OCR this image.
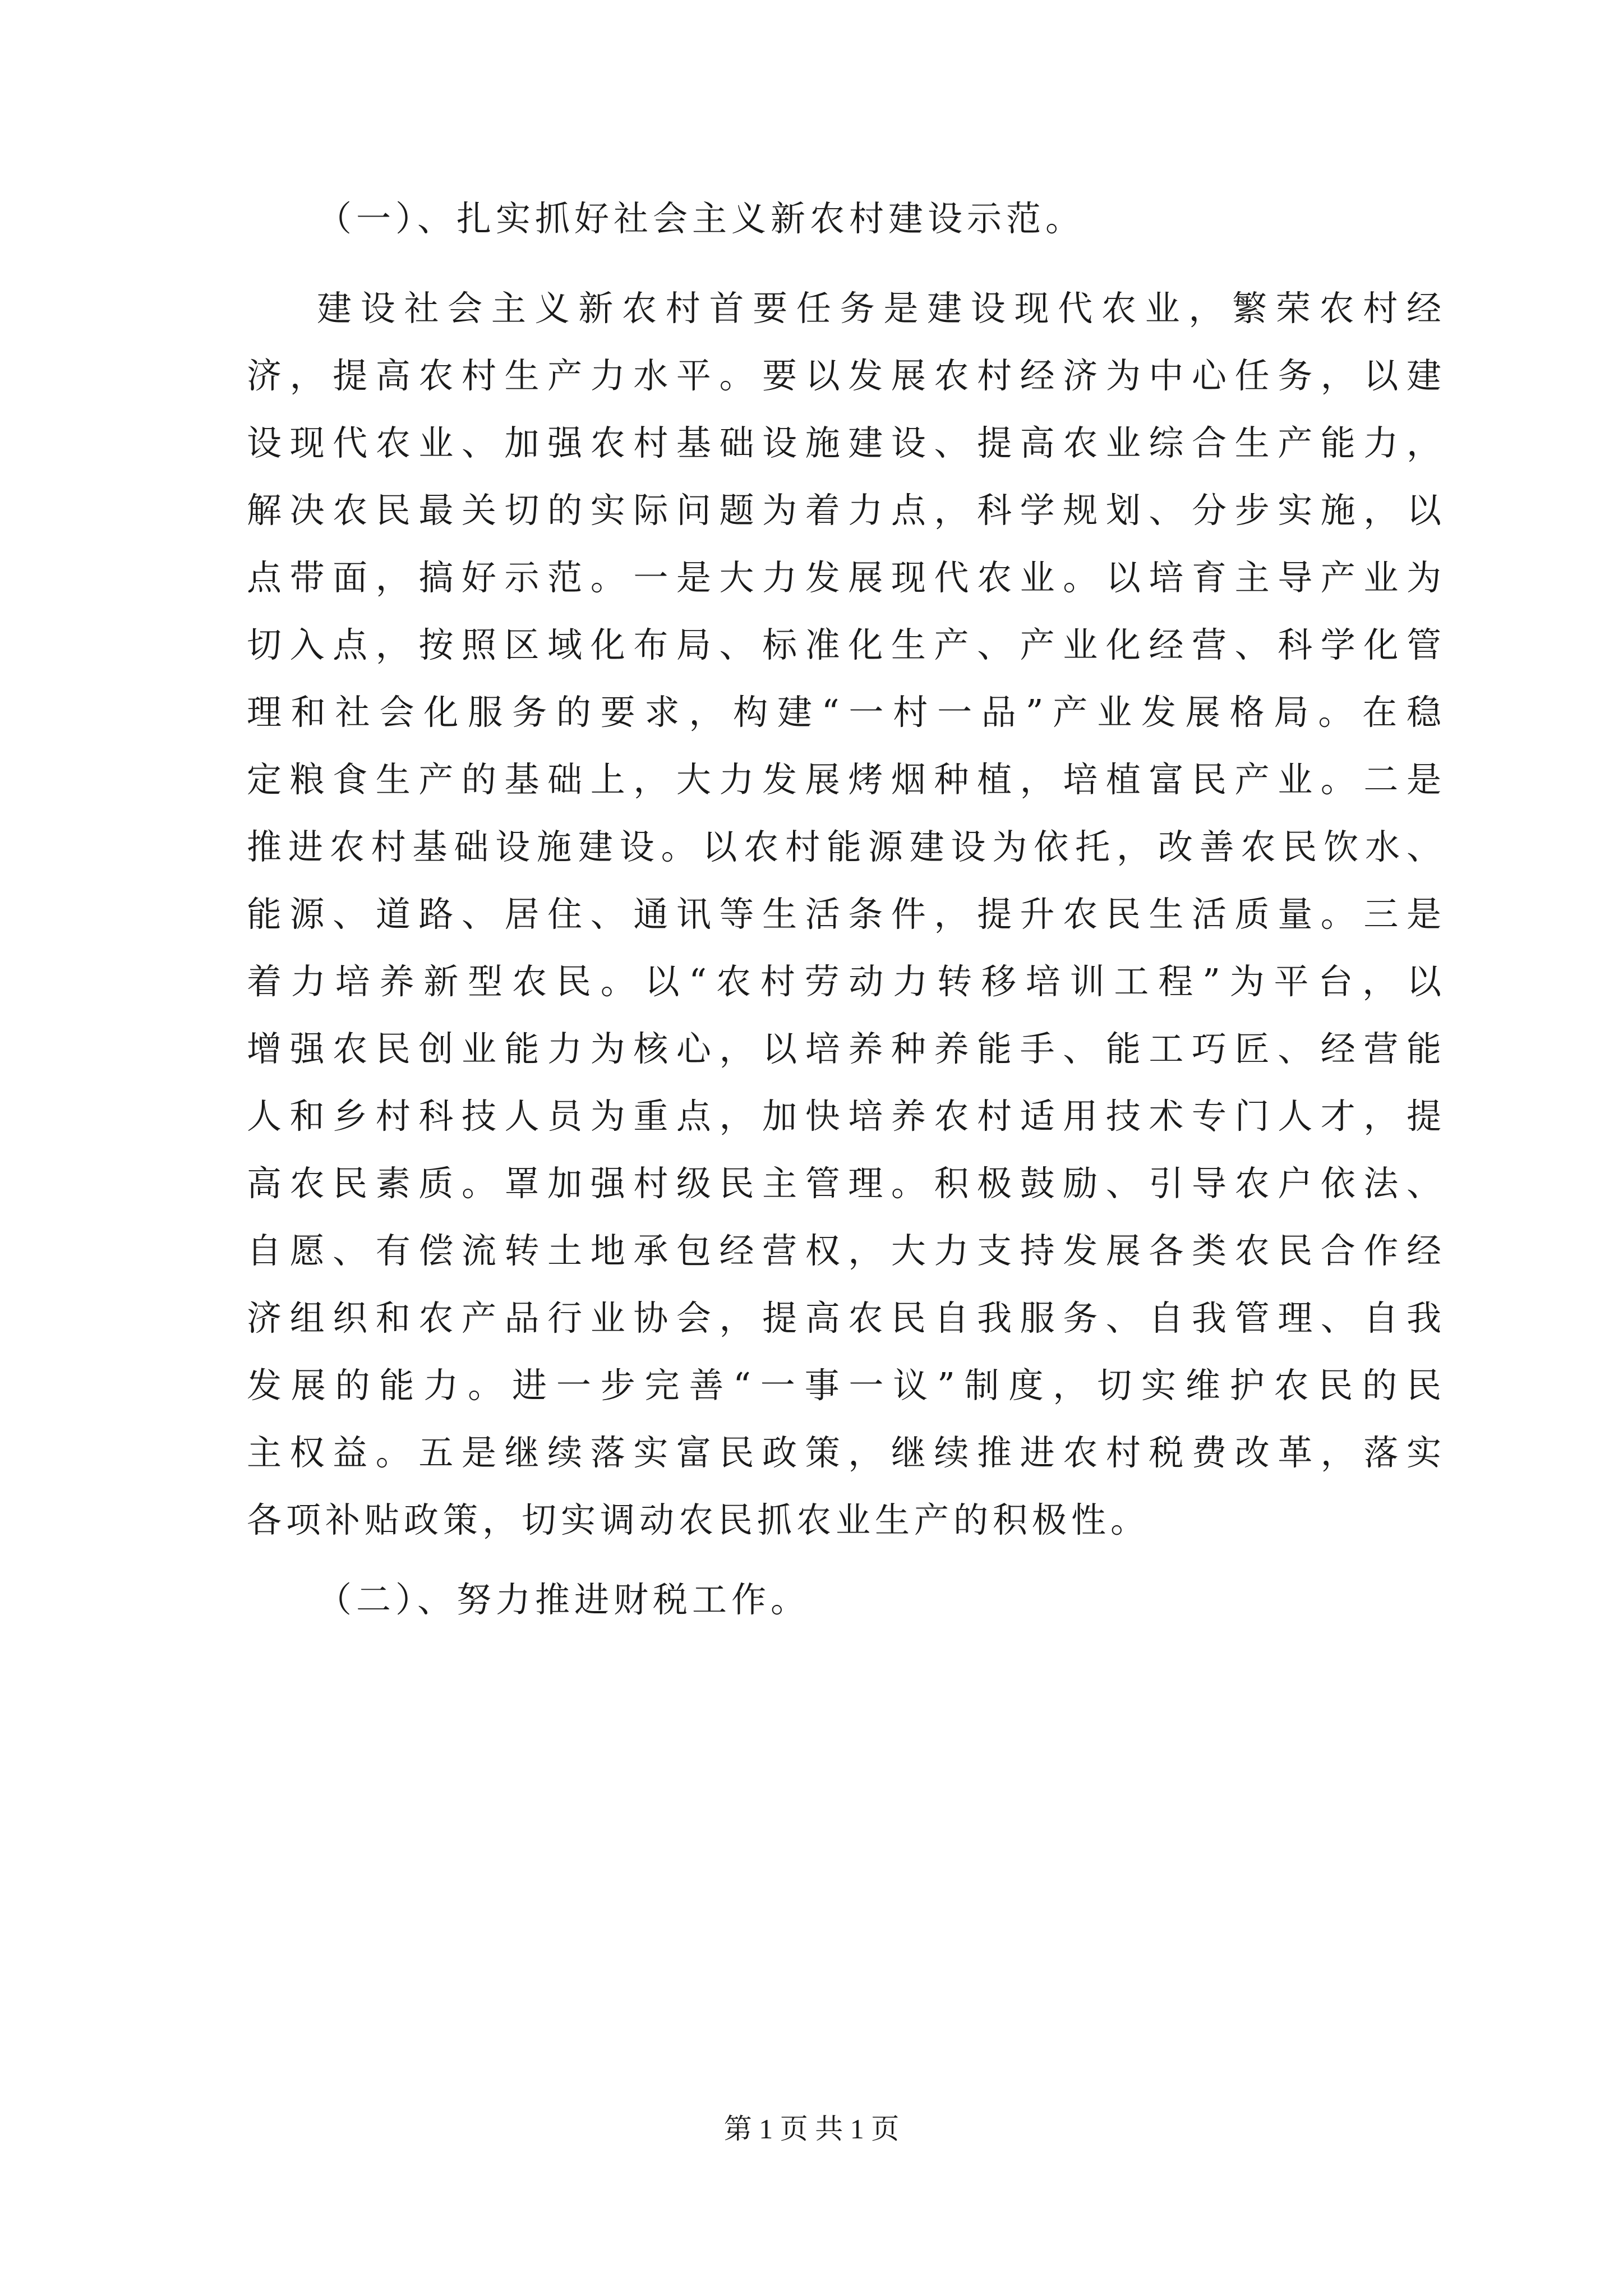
（一）、扎实抓好社会主义新农村建设示范。
建设社会主义新农村首要任务是建设现代农业，繁荣农村经
济，提高农村生产力水平。要以发展农村经济为中心任务，以建
设现代农业、加强农村基础设施建设、提高农业综合生产能力，
解决农民最关切的实际问题为着力点，科学规划、分步实施，以
点带面，搞好示范。一是大力发展现代农业。以培育主导产业为
切入点，按照区域化布局、标准化生产、产业化经营、科学化管
理和社会化服务的要求，构建“一村一品”产业发展格局。在稳
定粮食生产的基础上，大力发展烤烟种植，培植富民产业。二是
推进农村基础设施建设。以农村能源建设为依托，改善农民饮水、
能源、道路、居住、通讯等生活条件，提升农民生活质量。三是
着力培养新型农民。以“农村劳动力转移培训工程”为平台，以
增强农民创业能力为核心，以培养种养能手、能工巧匠、经营能
人和乡村科技人员为重点，加快培养农村适用技术专门人才，提
高农民素质。罩加强村级民主管理。积极鼓励、引导农户依法、
自愿、有偿流转土地承包经营权，大力支持发展各类农民合作经
济组织和农产品行业协会，提高农民自我服务、自我管理、自我
发展的能力。进一步完善“一事一议”制度，切实维护农民的民
主权益。五是继续落实富民政策，继续推进农村税费改革，落实
各项补贴政策，切实调动农民抓农业生产的积极性。
（二）、努力推进财税工作。
第 1 页 共 1 页
